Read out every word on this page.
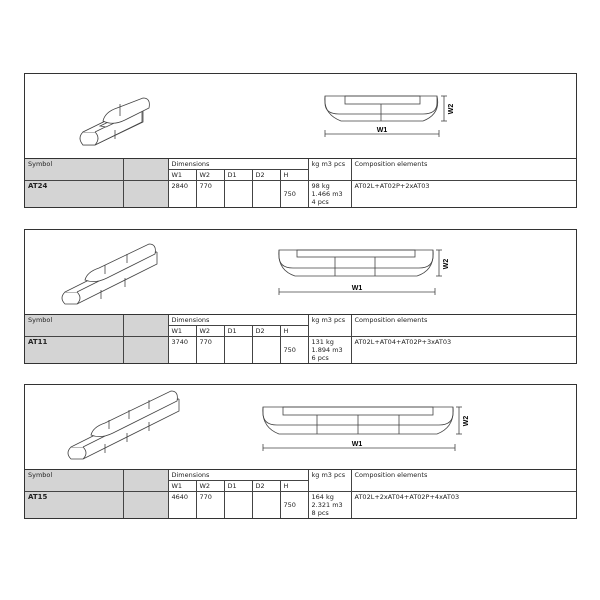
W1
W2
Symbol		Dimensions					kg m3 pcs	Composition elements
		W1	W2	D1	D2	H		
AT24		2840	770			750	98 kg
1.466 m3
4 pcs	AT02L+AT02P+2xAT03
W1
W2
Symbol		Dimensions					kg m3 pcs	Composition elements
		W1	W2	D1	D2	H		
AT11		3740	770			750	131 kg
1.894 m3
6 pcs	AT02L+AT04+AT02P+3xAT03
W1
W2
Symbol		Dimensions					kg m3 pcs	Composition elements
		W1	W2	D1	D2	H		
AT15		4640	770			750	164 kg
2.321 m3
8 pcs	AT02L+2xAT04+AT02P+4xAT03
